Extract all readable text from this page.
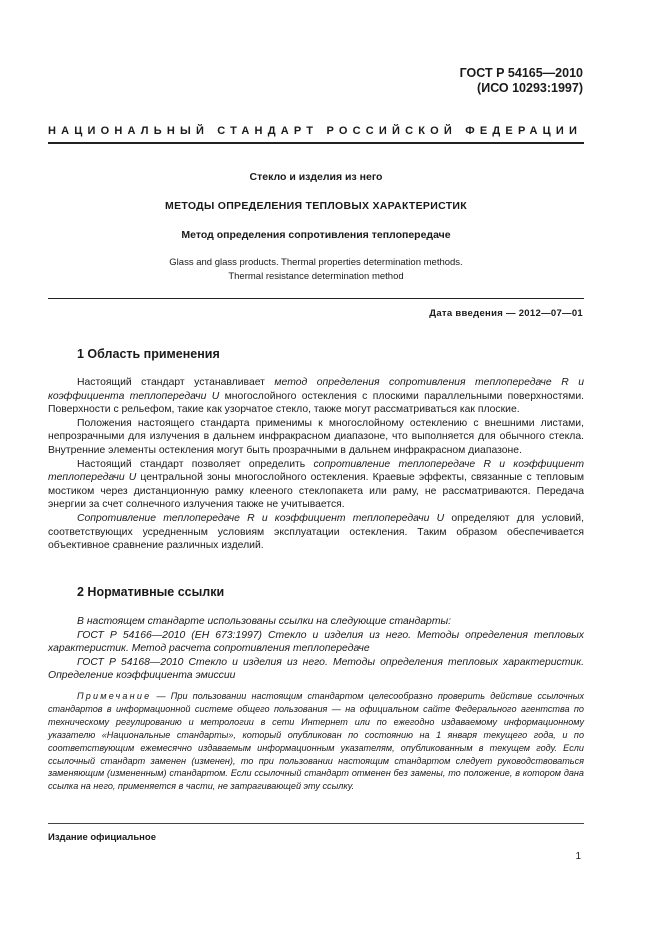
ГОСТ Р 54165—2010
(ИСО 10293:1997)
НАЦИОНАЛЬНЫЙ СТАНДАРТ РОССИЙСКОЙ ФЕДЕРАЦИИ
Стекло и изделия из него
МЕТОДЫ ОПРЕДЕЛЕНИЯ ТЕПЛОВЫХ ХАРАКТЕРИСТИК
Метод определения сопротивления теплопередаче
Glass and glass products. Thermal properties determination methods.
Thermal resistance determination method
Дата введения — 2012—07—01
1 Область применения

Настоящий стандарт устанавливает метод определения сопротивления теплопередаче R и коэффициента теплопередачи U многослойного остекления с плоскими параллельными поверхностями. Поверхности с рельефом, такие как узорчатое стекло, также могут рассматриваться как плоские.

Положения настоящего стандарта применимы к многослойному остеклению с внешними листами, непрозрачными для излучения в дальнем инфракрасном диапазоне, что выполняется для обычного стекла. Внутренние элементы остекления могут быть прозрачными в дальнем инфракрасном диапазоне.

Настоящий стандарт позволяет определить сопротивление теплопередаче R и коэффициент теплопередачи U центральной зоны многослойного остекления. Краевые эффекты, связанные с тепловым мостиком через дистанционную рамку клееного стеклопакета или раму, не рассматриваются. Передача энергии за счет солнечного излучения также не учитывается.

Сопротивление теплопередаче R и коэффициент теплопередачи U определяют для условий, соответствующих усредненным условиям эксплуатации остекления. Таким образом обеспечивается объективное сравнение различных изделий.

2 Нормативные ссылки

В настоящем стандарте использованы ссылки на следующие стандарты:

ГОСТ Р 54166—2010 (ЕН 673:1997) Стекло и изделия из него. Методы определения тепловых характеристик. Метод расчета сопротивления теплопередаче

ГОСТ Р 54168—2010 Стекло и изделия из него. Методы определения тепловых характеристик. Определение коэффициента эмиссии

Примечание — При пользовании настоящим стандартом целесообразно проверить действие ссылочных стандартов в информационной системе общего пользования — на официальном сайте Федерального агентства по техническому регулированию и метрологии в сети Интернет или по ежегодно издаваемому информационному указателю «Национальные стандарты», который опубликован по состоянию на 1 января текущего года, и по соответствующим ежемесячно издаваемым информационным указателям, опубликованным в текущем году. Если ссылочный стандарт заменен (изменен), то при пользовании настоящим стандартом следует руководствоваться заменяющим (измененным) стандартом. Если ссылочный стандарт отменен без замены, то положение, в котором дана ссылка на него, применяется в части, не затрагивающей эту ссылку.

Издание официальное
1
